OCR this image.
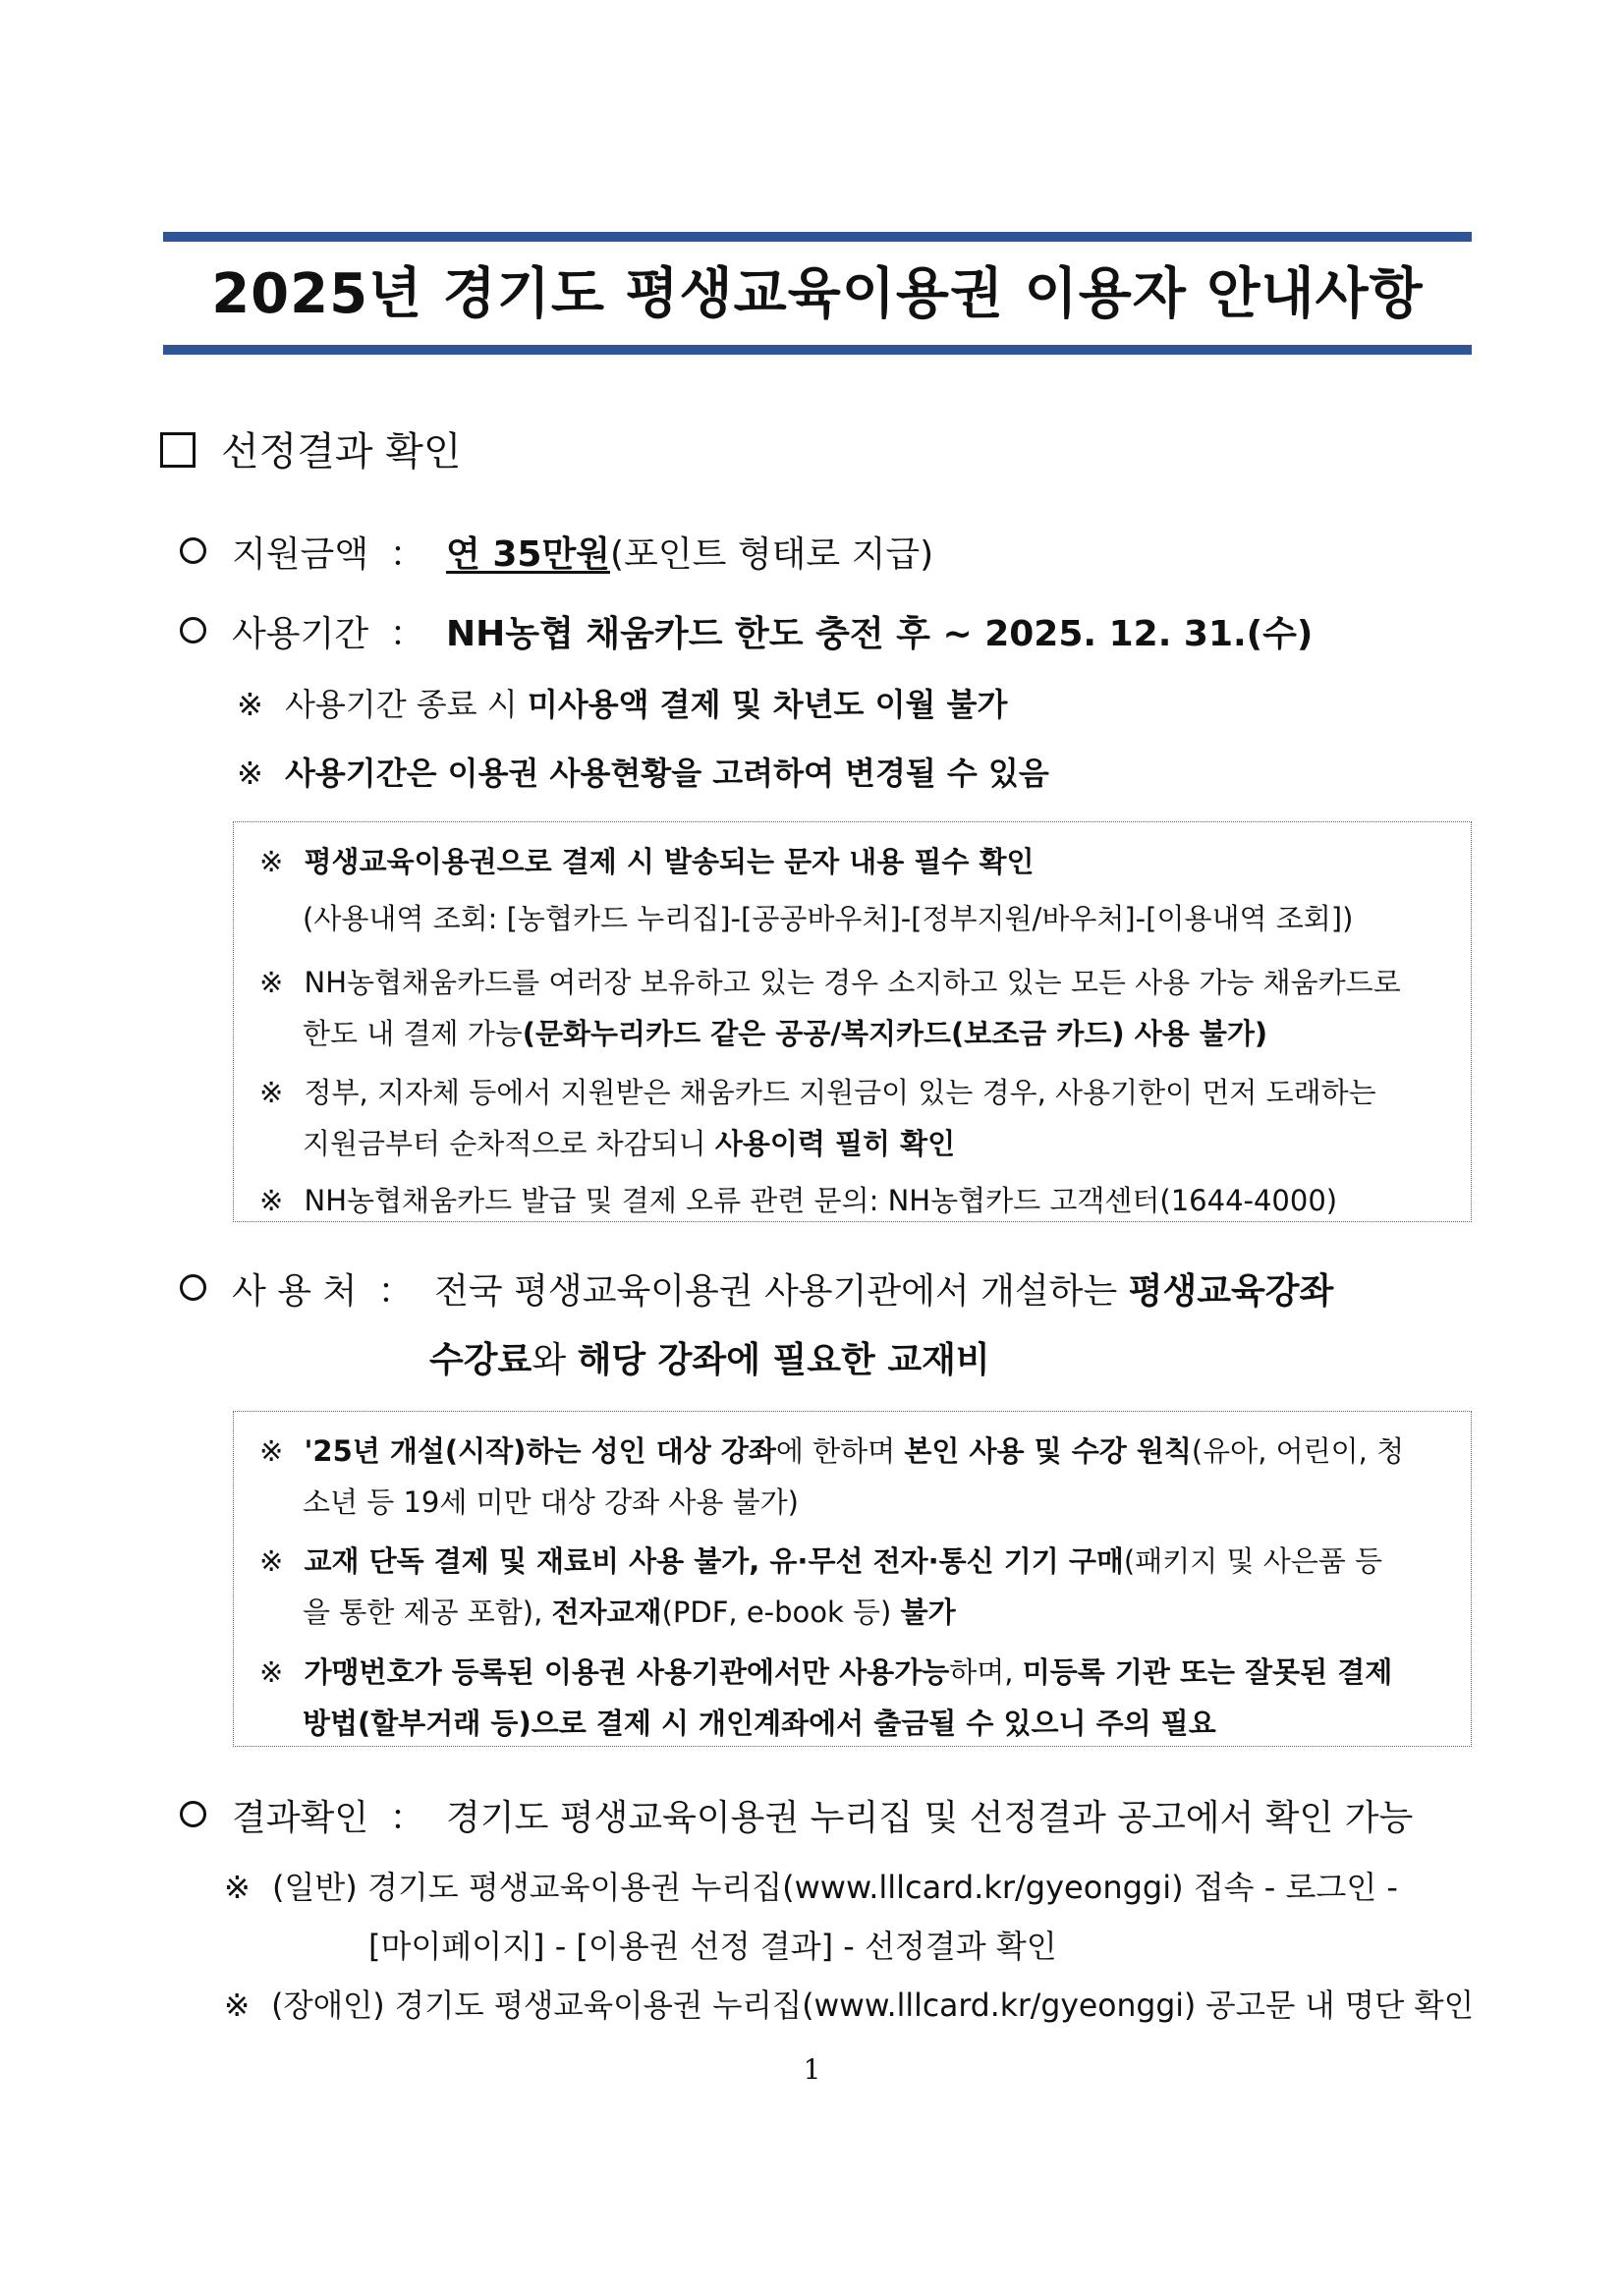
2025년 경기도 평생교육이용권 이용자 안내사항
선정결과 확인
지원금액 ： 연 35만원(포인트 형태로 지급)
사용기간 ： NH농협 채움카드 한도 충전 후 ~ 2025. 12. 31.(수)
※ 사용기간 종료 시 미사용액 결제 및 차년도 이월 불가
※ 사용기간은 이용권 사용현황을 고려하여 변경될 수 있음
※ 평생교육이용권으로 결제 시 발송되는 문자 내용 필수 확인
(사용내역 조회: [농협카드 누리집]-[공공바우처]-[정부지원/바우처]-[이용내역 조회])
※ NH농협채움카드를 여러장 보유하고 있는 경우 소지하고 있는 모든 사용 가능 채움카드로
한도 내 결제 가능(문화누리카드 같은 공공/복지카드(보조금 카드) 사용 불가)
※ 정부, 지자체 등에서 지원받은 채움카드 지원금이 있는 경우, 사용기한이 먼저 도래하는
지원금부터 순차적으로 차감되니 사용이력 필히 확인
※ NH농협채움카드 발급 및 결제 오류 관련 문의: NH농협카드 고객센터(1644-4000)
사 용 처 ： 전국 평생교육이용권 사용기관에서 개설하는 평생교육강좌
수강료와 해당 강좌에 필요한 교재비
※ '25년 개설(시작)하는 성인 대상 강좌에 한하며 본인 사용 및 수강 원칙(유아, 어린이, 청
소년 등 19세 미만 대상 강좌 사용 불가)
※ 교재 단독 결제 및 재료비 사용 불가, 유·무선 전자·통신 기기 구매(패키지 및 사은품 등
을 통한 제공 포함), 전자교재(PDF, e-book 등) 불가
※ 가맹번호가 등록된 이용권 사용기관에서만 사용가능하며, 미등록 기관 또는 잘못된 결제
방법(할부거래 등)으로 결제 시 개인계좌에서 출금될 수 있으니 주의 필요
결과확인 ： 경기도 평생교육이용권 누리집 및 선정결과 공고에서 확인 가능
※ (일반) 경기도 평생교육이용권 누리집(www.lllcard.kr/gyeonggi) 접속 - 로그인 -
[마이페이지] - [이용권 선정 결과] - 선정결과 확인
※ (장애인) 경기도 평생교육이용권 누리집(www.lllcard.kr/gyeonggi) 공고문 내 명단 확인
1
